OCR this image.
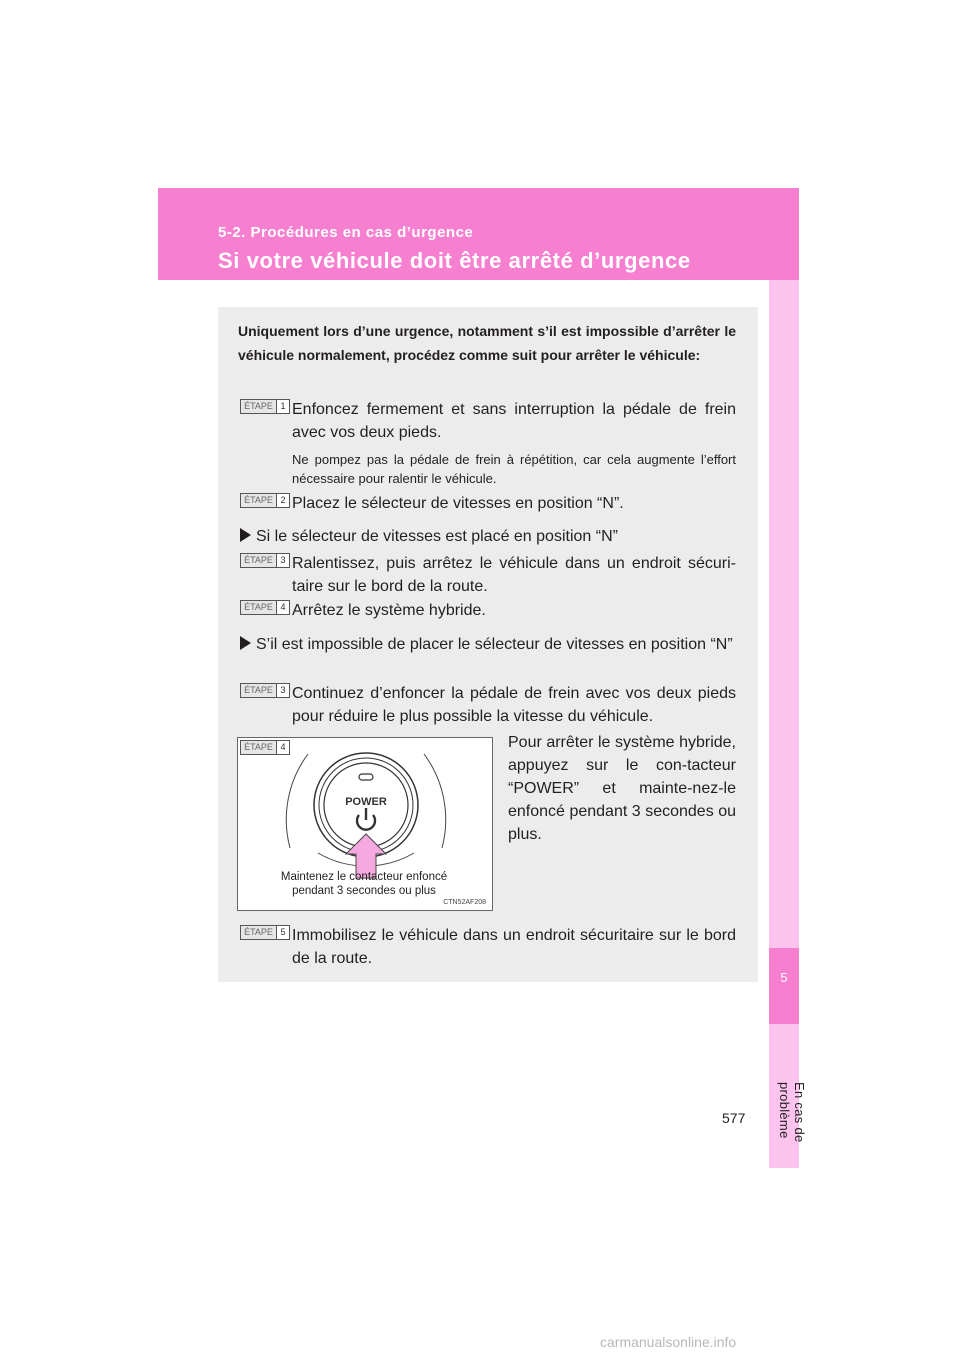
5-2. Procédures en cas d’urgence
Si votre véhicule doit être arrêté d’urgence
5
En cas de problème
Uniquement lors d’une urgence, notamment s’il est impossible d’arrêter le véhicule normalement, procédez comme suit pour arrêter le véhicule:
ÉTAPE 1 Enfoncez fermement et sans interruption la pédale de frein avec vos deux pieds.
Ne pompez pas la pédale de frein à répétition, car cela augmente l’effort nécessaire pour ralentir le véhicule.
ÉTAPE 2 Placez le sélecteur de vitesses en position “N”.
Si le sélecteur de vitesses est placé en position “N”
ÉTAPE 3 Ralentissez, puis arrêtez le véhicule dans un endroit sécuri-taire sur le bord de la route.
ÉTAPE 4 Arrêtez le système hybride.
S’il est impossible de placer le sélecteur de vitesses en position “N”
ÉTAPE 3 Continuez d’enfoncer la pédale de frein avec vos deux pieds pour réduire le plus possible la vitesse du véhicule.
POWER
ÉTAPE 4
Maintenez le contacteur enfoncé
pendant 3 secondes ou plus
CTN52AF208
Pour arrêter le système hybride, appuyez sur le con-tacteur “POWER” et mainte-nez-le enfoncé pendant 3 secondes ou plus.
ÉTAPE 5 Immobilisez le véhicule dans un endroit sécuritaire sur le bord de la route.
577
carmanualsonline.info
